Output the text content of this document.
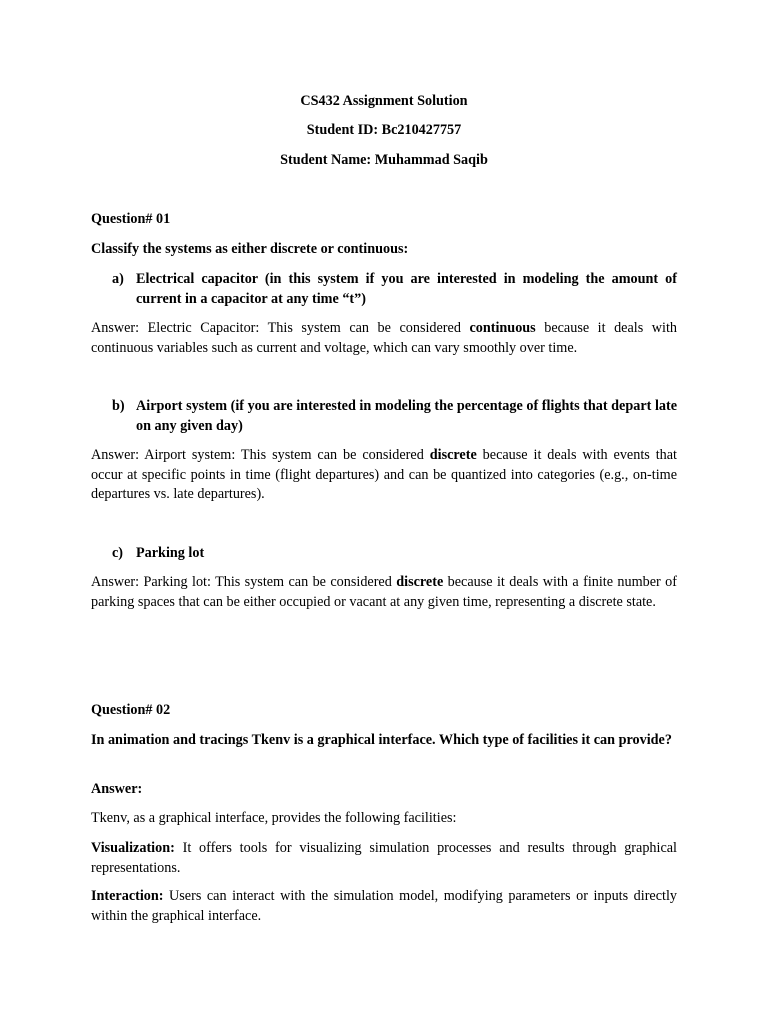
CS432 Assignment Solution
Student ID: Bc210427757
Student Name: Muhammad Saqib
Question# 01
Classify the systems as either discrete or continuous:
a) Electrical capacitor (in this system if you are interested in modeling the amount of current in a capacitor at any time “t”)
Answer: Electric Capacitor: This system can be considered continuous because it deals with continuous variables such as current and voltage, which can vary smoothly over time.
b) Airport system (if you are interested in modeling the percentage of flights that depart late on any given day)
Answer: Airport system: This system can be considered discrete because it deals with events that occur at specific points in time (flight departures) and can be quantized into categories (e.g., on-time departures vs. late departures).
c) Parking lot
Answer: Parking lot: This system can be considered discrete because it deals with a finite number of parking spaces that can be either occupied or vacant at any given time, representing a discrete state.
Question# 02
In animation and tracings Tkenv is a graphical interface. Which type of facilities it can provide?
Answer:
Tkenv, as a graphical interface, provides the following facilities:
Visualization: It offers tools for visualizing simulation processes and results through graphical representations.
Interaction: Users can interact with the simulation model, modifying parameters or inputs directly within the graphical interface.
